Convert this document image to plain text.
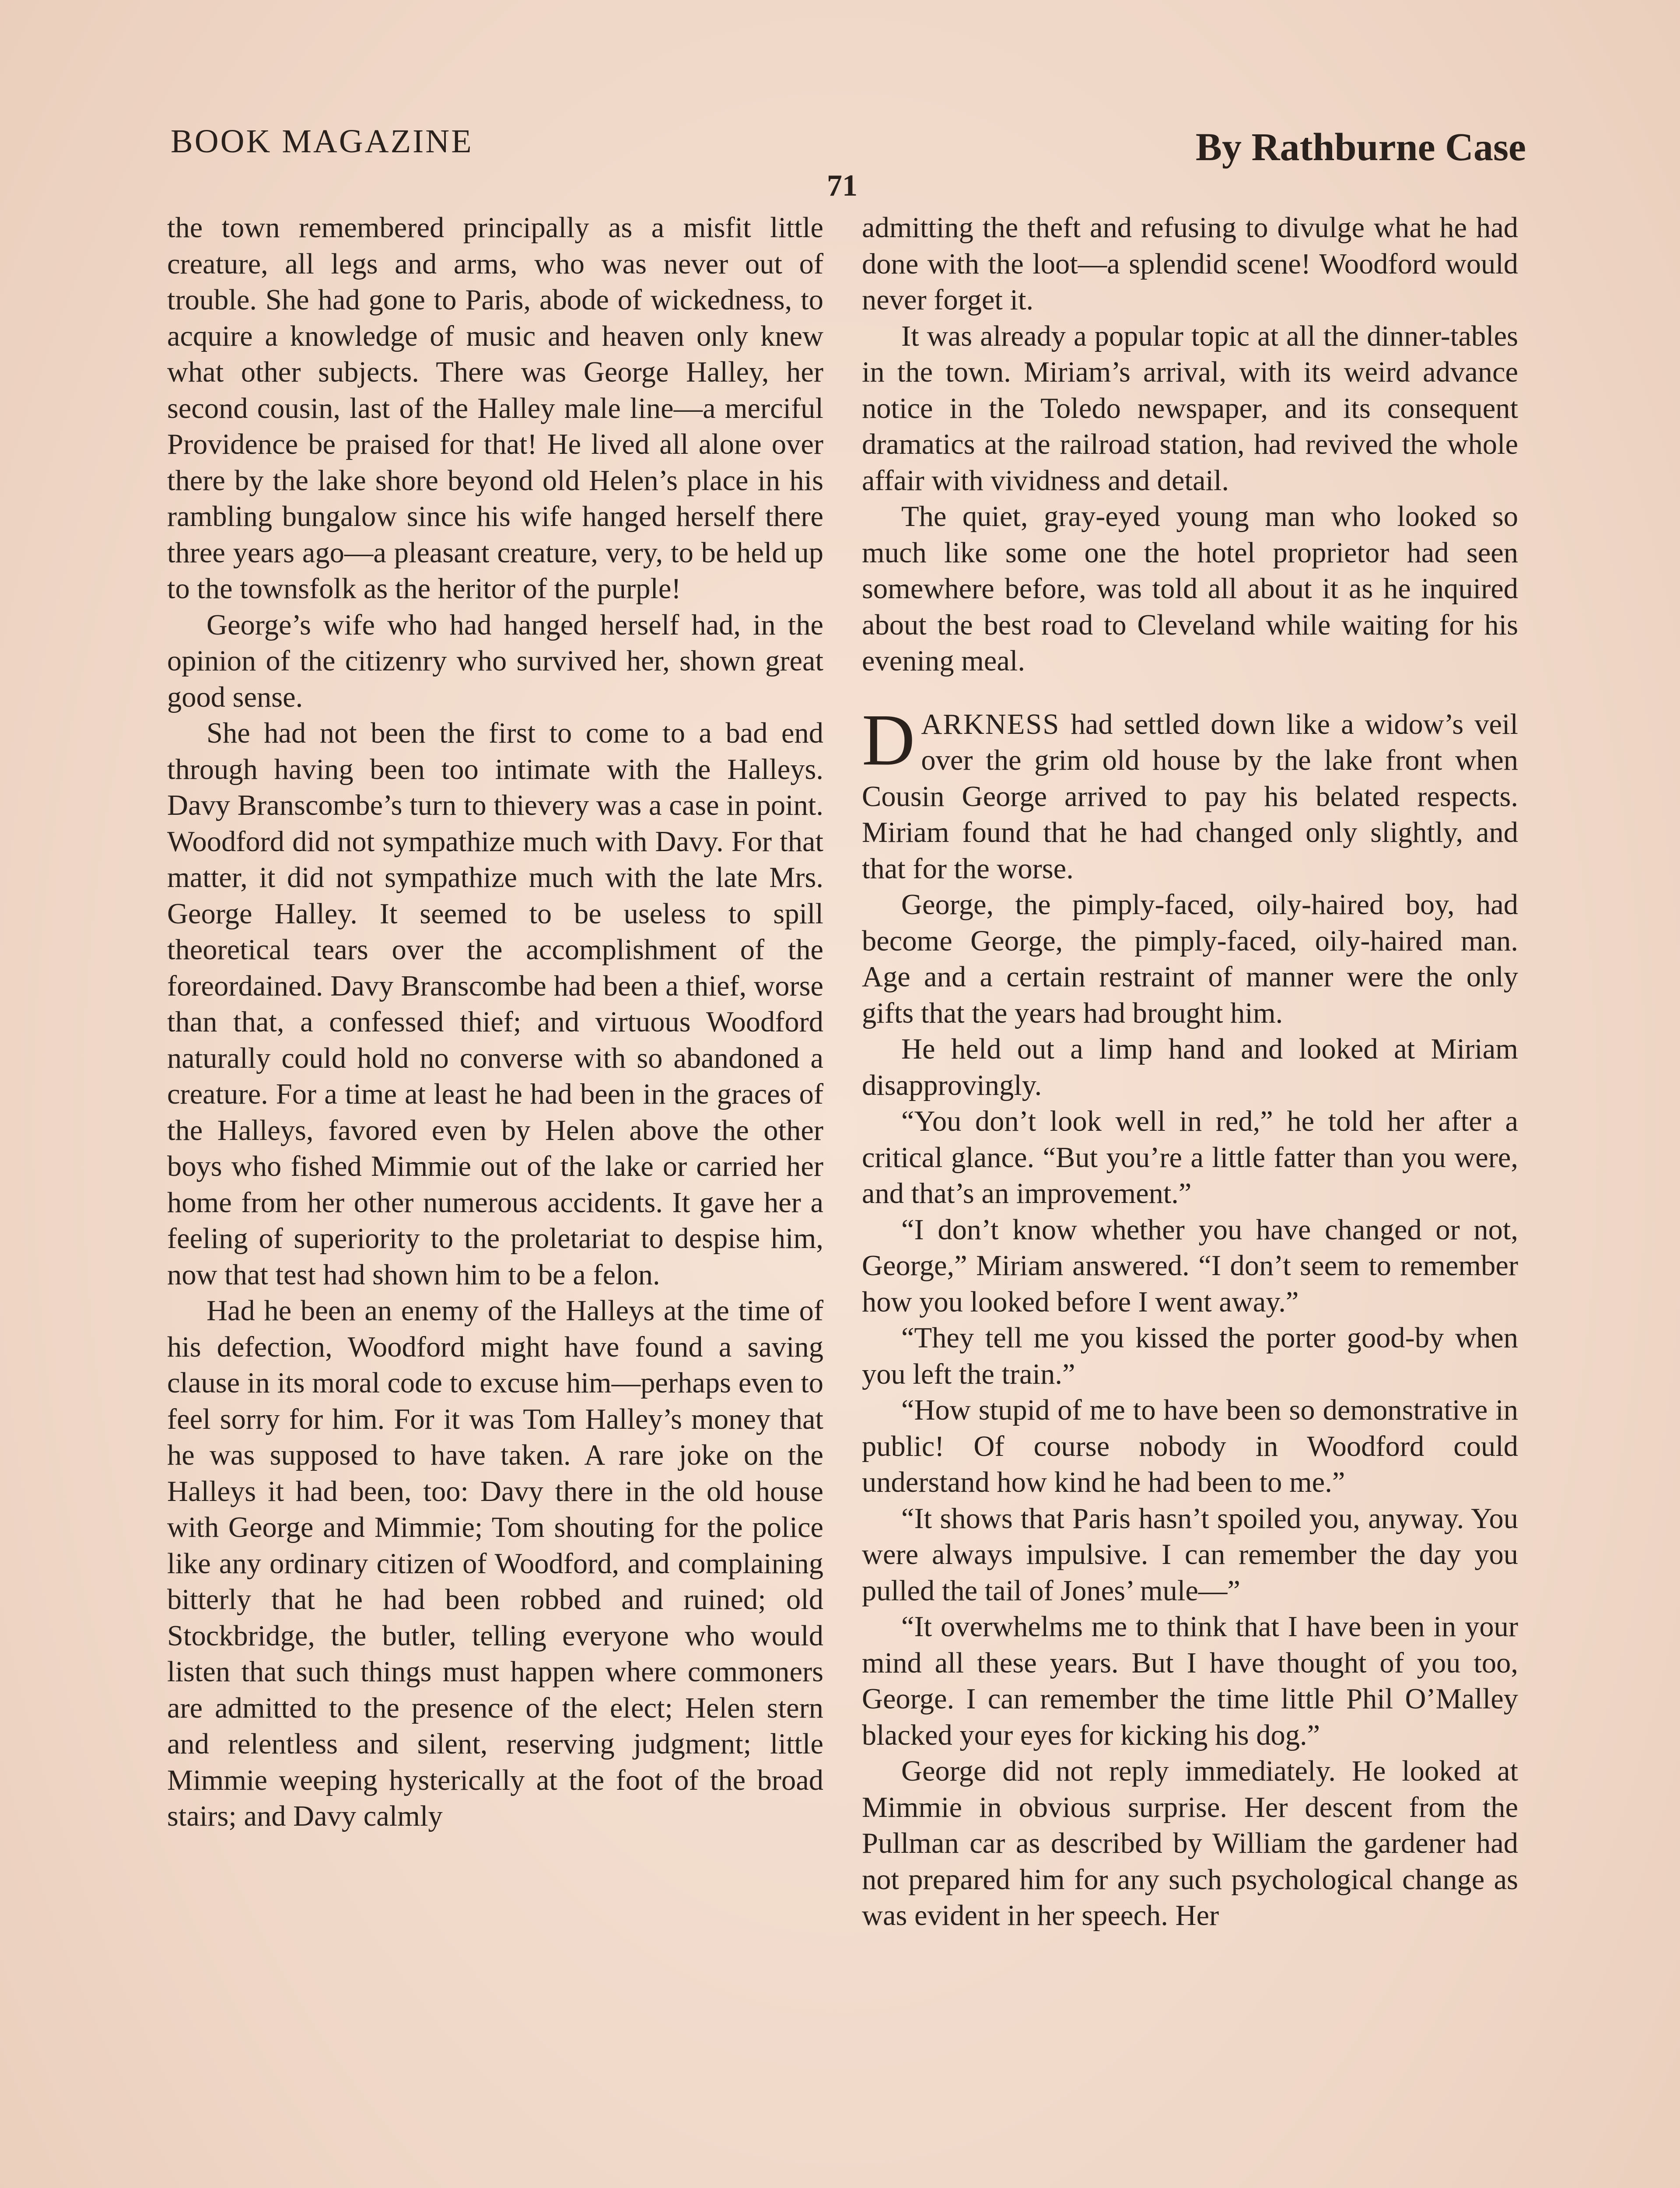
BOOK MAGAZINE	By Rathburne Case
71

the town remembered principally as a misfit little creature, all legs and arms, who was never out of trouble. She had gone to Paris, abode of wickedness, to acquire a knowledge of music and heaven only knew what other subjects. There was George Halley, her second cousin, last of the Halley male line—a merciful Providence be praised for that! He lived all alone over there by the lake shore beyond old Helen’s place in his rambling bungalow since his wife hanged herself there three years ago—a pleasant creature, very, to be held up to the townsfolk as the heritor of the purple!

George’s wife who had hanged herself had, in the opinion of the citizenry who survived her, shown great good sense.

She had not been the first to come to a bad end through having been too intimate with the Halleys. Davy Branscombe’s turn to thievery was a case in point. Woodford did not sympathize much with Davy. For that matter, it did not sympathize much with the late Mrs. George Halley. It seemed to be useless to spill theoretical tears over the accomplishment of the foreordained. Davy Branscombe had been a thief, worse than that, a confessed thief; and virtuous Woodford naturally could hold no converse with so abandoned a creature. For a time at least he had been in the graces of the Halleys, favored even by Helen above the other boys who fished Mimmie out of the lake or carried her home from her other numerous accidents. It gave her a feeling of superiority to the proletariat to despise him, now that test had shown him to be a felon.

Had he been an enemy of the Halleys at the time of his defection, Woodford might have found a saving clause in its moral code to excuse him—perhaps even to feel sorry for him. For it was Tom Halley’s money that he was supposed to have taken. A rare joke on the Halleys it had been, too: Davy there in the old house with George and Mimmie; Tom shouting for the police like any ordinary citizen of Woodford, and complaining bitterly that he had been robbed and ruined; old Stockbridge, the butler, telling everyone who would listen that such things must happen where commoners are admitted to the presence of the elect; Helen stern and relentless and silent, reserving judgment; little Mimmie weeping hysterically at the foot of the broad stairs; and Davy calmly

admitting the theft and refusing to divulge what he had done with the loot—a splendid scene! Woodford would never forget it.

It was already a popular topic at all the dinner-tables in the town. Miriam’s arrival, with its weird advance notice in the Toledo newspaper, and its consequent dramatics at the railroad station, had revived the whole affair with vividness and detail.

The quiet, gray-eyed young man who looked so much like some one the hotel proprietor had seen somewhere before, was told all about it as he inquired about the best road to Cleveland while waiting for his evening meal.

DARKNESS had settled down like a widow’s veil over the grim old house by the lake front when Cousin George arrived to pay his belated respects. Miriam found that he had changed only slightly, and that for the worse.

George, the pimply-faced, oily-haired boy, had become George, the pimply-faced, oily-haired man. Age and a certain restraint of manner were the only gifts that the years had brought him.

He held out a limp hand and looked at Miriam disapprovingly.

“You don’t look well in red,” he told her after a critical glance. “But you’re a little fatter than you were, and that’s an improvement.”

“I don’t know whether you have changed or not, George,” Miriam answered. “I don’t seem to remember how you looked before I went away.”

“They tell me you kissed the porter good-by when you left the train.”

“How stupid of me to have been so demonstrative in public! Of course nobody in Woodford could understand how kind he had been to me.”

“It shows that Paris hasn’t spoiled you, anyway. You were always impulsive. I can remember the day you pulled the tail of Jones’ mule—”

“It overwhelms me to think that I have been in your mind all these years. But I have thought of you too, George. I can remember the time little Phil O’Malley blacked your eyes for kicking his dog.”

George did not reply immediately. He looked at Mimmie in obvious surprise. Her descent from the Pullman car as described by William the gardener had not prepared him for any such psychological change as was evident in her speech. Her
